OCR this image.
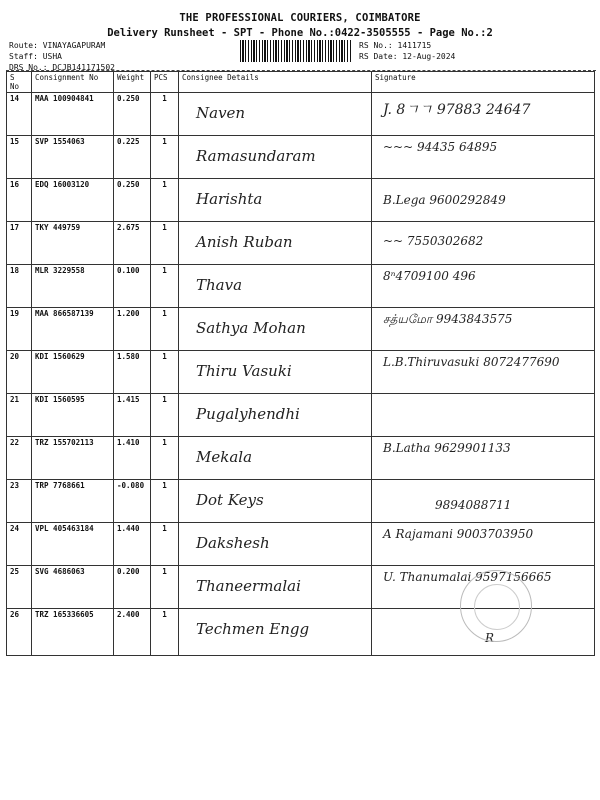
THE PROFESSIONAL COURIERS, COIMBATORE
Delivery Runsheet - SPT - Phone No.:0422-3505555 - Page No.:2
Route: VINAYAGAPURAM
Staff: USHA
DRS No.: DCJB141171502
RS No.: 1411715
RS Date: 12-Aug-2024
S No	Consignment No	Weight	PCS	Consignee Details	Signature
14	MAA 100904841	0.250	1	Naven	J. 8ㄱㄱ 97883 24647

15	SVP 1554063	0.225	1	Ramasundaram	~~~ 94435 64895

16	EDQ 16003120	0.250	1	Harishta	B.Lega 9600292849

17	TKY 449759	2.675	1	Anish Ruban	~~ 7550302682

18	MLR 3229558	0.100	1	Thava	8ⁿ4709100 496

19	MAA 866587139	1.200	1	Sathya Mohan	சத்யமோ 9943843575

20	KDI 1560629	1.580	1	Thiru Vasuki	L.B.Thiruvasuki 8072477690

21	KDI 1560595	1.415	1	Pugalyhendhi	

22	TRZ 155702113	1.410	1	Mekala	B.Latha 9629901133

23	TRP 7768661	-0.080	1	Dot Keys	9894088711

24	VPL 405463184	1.440	1	Dakshesh	A Rajamani 9003703950

25	SVG 4686063	0.200	1	Thaneermalai	U. Thanumalai 9597156665

26	TRZ 165336605	2.400	1	Techmen Engg	R
